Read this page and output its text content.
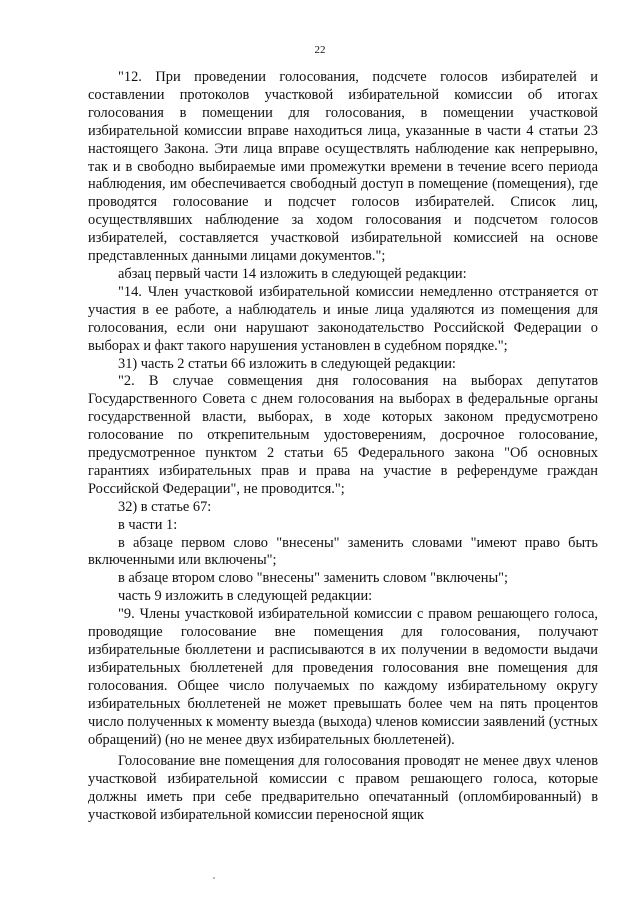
22

"12. При проведении голосования, подсчете голосов избирателей и составлении протоколов участковой избирательной комиссии об итогах голосования в помещении для голосования, в помещении участковой избирательной комиссии вправе находиться лица, указанные в части 4 статьи 23 настоящего Закона. Эти лица вправе осуществлять наблюдение как непрерывно, так и в свободно выбираемые ими промежутки времени в течение всего периода наблюдения, им обеспечивается свободный доступ в помещение (помещения), где проводятся голосование и подсчет голосов избирателей. Список лиц, осуществлявших наблюдение за ходом голосования и подсчетом голосов избирателей, составляется участковой избирательной комиссией на основе представленных данными лицами документов.";

абзац первый части 14 изложить в следующей редакции:

"14. Член участковой избирательной комиссии немедленно отстраняется от участия в ее работе, а наблюдатель и иные лица удаляются из помещения для голосования, если они нарушают законодательство Российской Федерации о выборах и факт такого нарушения установлен в судебном порядке.";

31) часть 2 статьи 66 изложить в следующей редакции:

"2. В случае совмещения дня голосования на выборах депутатов Государственного Совета с днем голосования на выборах в федеральные органы государственной власти, выборах, в ходе которых законом предусмотрено голосование по открепительным удостоверениям, досрочное голосование, предусмотренное пунктом 2 статьи 65 Федерального закона "Об основных гарантиях избирательных прав и права на участие в референдуме граждан Российской Федерации", не проводится.";

32) в статье 67:

в части 1:

в абзаце первом слово "внесены" заменить словами "имеют право быть включенными или включены";

в абзаце втором слово "внесены" заменить словом "включены";

часть 9 изложить в следующей редакции:

"9. Члены участковой избирательной комиссии с правом решающего голоса, проводящие голосование вне помещения для голосования, получают избирательные бюллетени и расписываются в их получении в ведомости выдачи избирательных бюллетеней для проведения голосования вне помещения для голосования. Общее число получаемых по каждому избирательному округу избирательных бюллетеней не может превышать более чем на пять процентов число полученных к моменту выезда (выхода) членов комиссии заявлений (устных обращений) (но не менее двух избирательных бюллетеней).

Голосование вне помещения для голосования проводят не менее двух членов участковой избирательной комиссии с правом решающего голоса, которые должны иметь при себе предварительно опечатанный (опломбированный) в участковой избирательной комиссии переносной ящик
